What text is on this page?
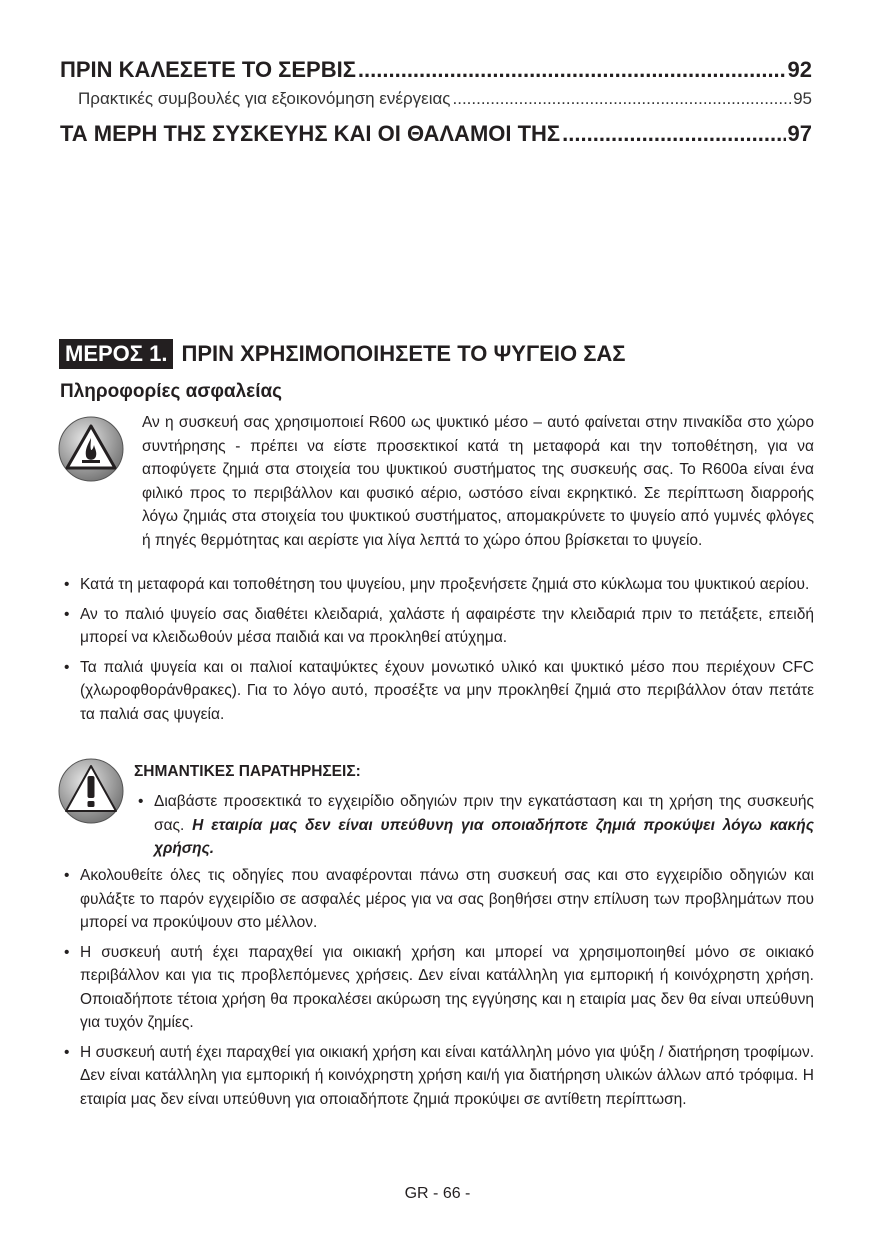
ΠΡΙΝ ΚΑΛΕΣΕΤΕ ΤΟ ΣΕΡΒΙΣ .....	92
Πρακτικές συμβουλές για εξοικονόμηση ενέργειας .....	95
ΤΑ ΜΕΡΗ ΤΗΣ ΣΥΣΚΕΥΗΣ ΚΑΙ ΟΙ ΘΑΛΑΜΟΙ ΤΗΣ .....	97
ΜΕΡΟΣ 1. ΠΡΙΝ ΧΡΗΣΙΜΟΠΟΙΗΣΕΤΕ ΤΟ ΨΥΓΕΙΟ ΣΑΣ
Πληροφορίες ασφαλείας

Αν η συσκευή σας χρησιμοποιεί R600 ως ψυκτικό μέσο – αυτό φαίνεται στην πινακίδα στο χώρο συντήρησης - πρέπει να είστε προσεκτικοί κατά τη μεταφορά και την τοποθέτηση, για να αποφύγετε ζημιά στα στοιχεία του ψυκτικού συστήματος της συσκευής σας. Το R600a είναι ένα φιλικό προς το περιβάλλον και φυσικό αέριο, ωστόσο είναι εκρηκτικό. Σε περίπτωση διαρροής λόγω ζημιάς στα στοιχεία του ψυκτικού συστήματος, απομακρύνετε το ψυγείο από γυμνές φλόγες ή πηγές θερμότητας και αερίστε για λίγα λεπτά το χώρο όπου βρίσκεται το ψυγείο.

• Κατά τη μεταφορά και τοποθέτηση του ψυγείου, μην προξενήσετε ζημιά στο κύκλωμα του ψυκτικού αερίου.
• Αν το παλιό ψυγείο σας διαθέτει κλειδαριά, χαλάστε ή αφαιρέστε την κλειδαριά πριν το πετάξετε, επειδή μπορεί να κλειδωθούν μέσα παιδιά και να προκληθεί ατύχημα.
• Τα παλιά ψυγεία και οι παλιοί καταψύκτες έχουν μονωτικό υλικό και ψυκτικό μέσο που περιέχουν CFC (χλωροφθοράνθρακες). Για το λόγο αυτό, προσέξτε να μην προκληθεί ζημιά στο περιβάλλον όταν πετάτε τα παλιά σας ψυγεία.
ΣΗΜΑΝΤΙΚΕΣ ΠΑΡΑΤΗΡΗΣΕΙΣ:
• Διαβάστε προσεκτικά το εγχειρίδιο οδηγιών πριν την εγκατάσταση και τη χρήση της συσκευής σας. Η εταιρία μας δεν είναι υπεύθυνη για οποιαδήποτε ζημιά προκύψει λόγω κακής χρήσης.
• Ακολουθείτε όλες τις οδηγίες που αναφέρονται πάνω στη συσκευή σας και στο εγχειρίδιο οδηγιών και φυλάξτε το παρόν εγχειρίδιο σε ασφαλές μέρος για να σας βοηθήσει στην επίλυση των προβλημάτων που μπορεί να προκύψουν στο μέλλον.
• Η συσκευή αυτή έχει παραχθεί για οικιακή χρήση και μπορεί να χρησιμοποιηθεί μόνο σε οικιακό περιβάλλον και για τις προβλεπόμενες χρήσεις. Δεν είναι κατάλληλη για εμπορική ή κοινόχρηστη χρήση. Οποιαδήποτε τέτοια χρήση θα προκαλέσει ακύρωση της εγγύησης και η εταιρία μας δεν θα είναι υπεύθυνη για τυχόν ζημίες.
• Η συσκευή αυτή έχει παραχθεί για οικιακή χρήση και είναι κατάλληλη μόνο για ψύξη / διατήρηση τροφίμων. Δεν είναι κατάλληλη για εμπορική ή κοινόχρηστη χρήση και/ή για διατήρηση υλικών άλλων από τρόφιμα. Η εταιρία μας δεν είναι υπεύθυνη για οποιαδήποτε ζημιά προκύψει σε αντίθετη περίπτωση.
GR - 66 -
